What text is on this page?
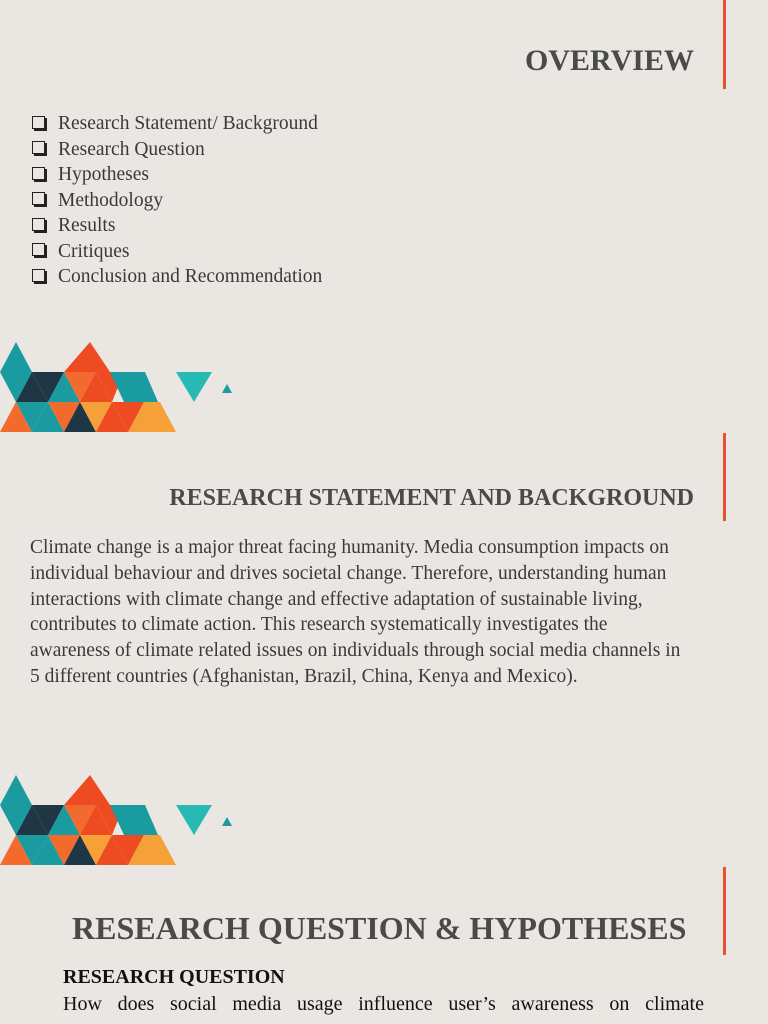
OVERVIEW
Research Statement/ Background
Research Question
Hypotheses
Methodology
Results
Critiques
Conclusion and Recommendation
RESEARCH STATEMENT AND BACKGROUND

Climate change is a major threat facing humanity. Media consumption impacts on individual behaviour and drives societal change. Therefore, understanding human interactions with climate change and effective adaptation of sustainable living, contributes to climate action. This research systematically investigates the awareness of climate related issues on individuals through social media channels in 5 different countries (Afghanistan, Brazil, China, Kenya and Mexico).

RESEARCH QUESTION & HYPOTHESES
RESEARCH QUESTION

How does social media usage influence user’s awareness on climate
